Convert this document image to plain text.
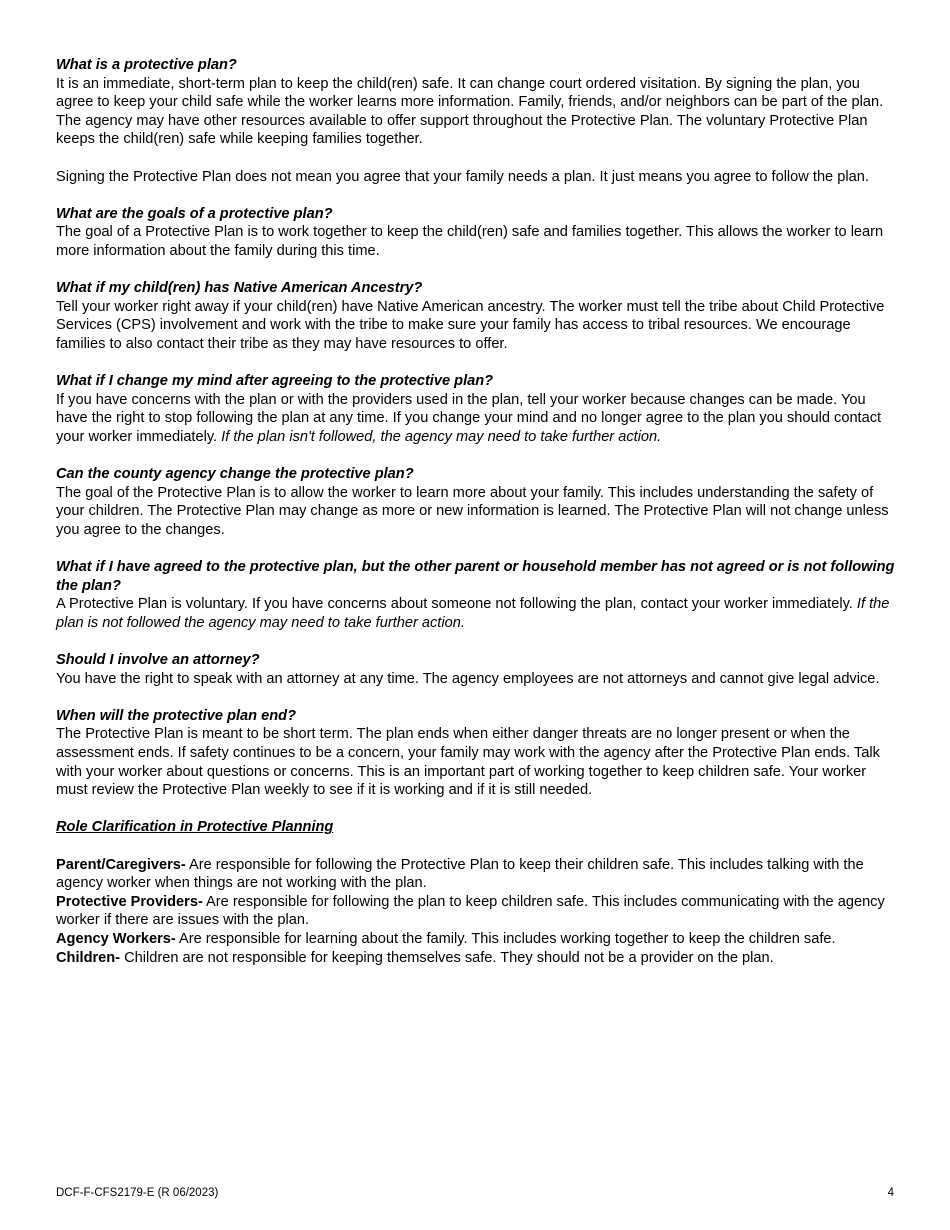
What is a protective plan?
It is an immediate, short-term plan to keep the child(ren) safe. It can change court ordered visitation. By signing the plan, you agree to keep your child safe while the worker learns more information. Family, friends, and/or neighbors can be part of the plan. The agency may have other resources available to offer support throughout the Protective Plan. The voluntary Protective Plan keeps the child(ren) safe while keeping families together.
Signing the Protective Plan does not mean you agree that your family needs a plan. It just means you agree to follow the plan.
What are the goals of a protective plan?
The goal of a Protective Plan is to work together to keep the child(ren) safe and families together. This allows the worker to learn more information about the family during this time.
What if my child(ren) has Native American Ancestry?
Tell your worker right away if your child(ren) have Native American ancestry. The worker must tell the tribe about Child Protective Services (CPS) involvement and work with the tribe to make sure your family has access to tribal resources. We encourage families to also contact their tribe as they may have resources to offer.
What if I change my mind after agreeing to the protective plan?
If you have concerns with the plan or with the providers used in the plan, tell your worker because changes can be made. You have the right to stop following the plan at any time. If you change your mind and no longer agree to the plan you should contact your worker immediately. If the plan isn't followed, the agency may need to take further action.
Can the county agency change the protective plan?
The goal of the Protective Plan is to allow the worker to learn more about your family. This includes understanding the safety of your children. The Protective Plan may change as more or new information is learned. The Protective Plan will not change unless you agree to the changes.
What if I have agreed to the protective plan, but the other parent or household member has not agreed or is not following the plan?
A Protective Plan is voluntary. If you have concerns about someone not following the plan, contact your worker immediately. If the plan is not followed the agency may need to take further action.
Should I involve an attorney?
You have the right to speak with an attorney at any time. The agency employees are not attorneys and cannot give legal advice.
When will the protective plan end?
The Protective Plan is meant to be short term. The plan ends when either danger threats are no longer present or when the assessment ends. If safety continues to be a concern, your family may work with the agency after the Protective Plan ends. Talk with your worker about questions or concerns. This is an important part of working together to keep children safe. Your worker must review the Protective Plan weekly to see if it is working and if it is still needed.
Role Clarification in Protective Planning
Parent/Caregivers- Are responsible for following the Protective Plan to keep their children safe. This includes talking with the agency worker when things are not working with the plan.
Protective Providers- Are responsible for following the plan to keep children safe. This includes communicating with the agency worker if there are issues with the plan.
Agency Workers- Are responsible for learning about the family. This includes working together to keep the children safe.
Children- Children are not responsible for keeping themselves safe. They should not be a provider on the plan.
DCF-F-CFS2179-E (R 06/2023)	4
